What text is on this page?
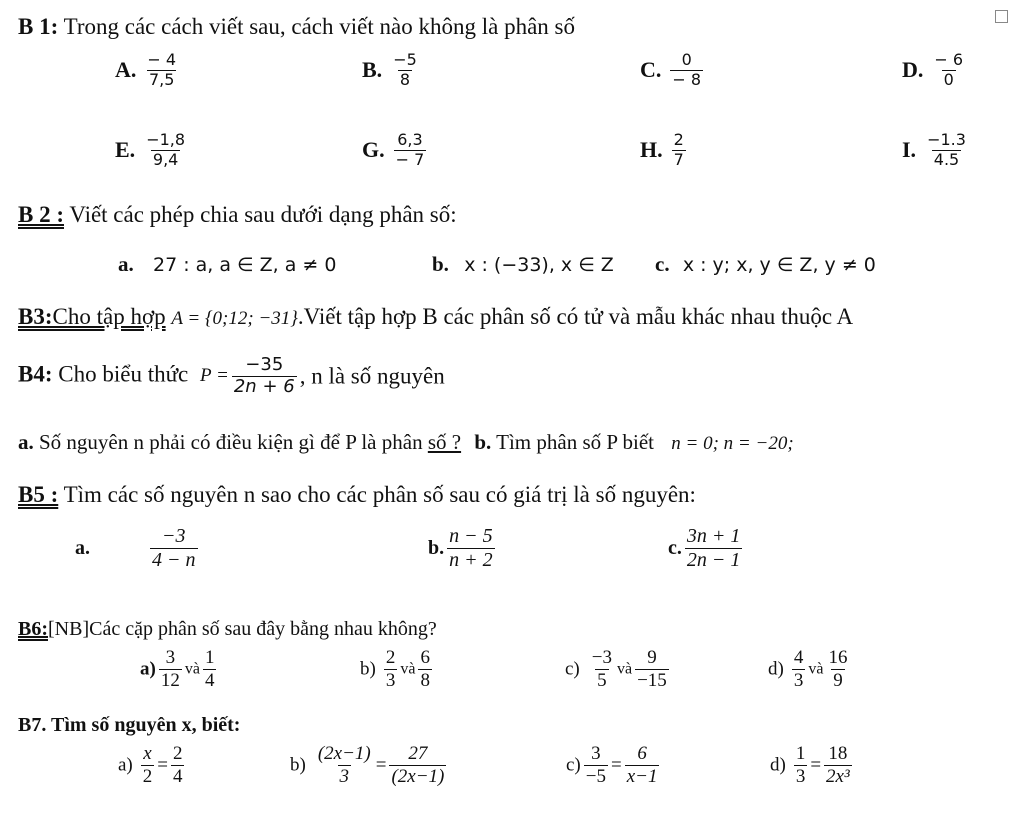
B 1: Trong các cách viết sau, cách viết nào không là phân số
A. $\frac{- 4}{7,5}$	B. $\frac{-5}{8}$	C. $\frac{0}{- 8}$	D. $\frac{- 6}{0}$
E. $\frac{-1,8}{9,4}$	G. $\frac{6,3}{- 7}$	H. $\frac{2}{7}$	I. $\frac{-1.3}{4.5}$
B 2 : Viết các phép chia sau dưới dạng phân số:
a. 27 : a, a ∈ Z, a ≠ 0	b. x : (−33), x ∈ Z c. x : y; x, y ∈ Z, y ≠ 0
B3:Cho tập hợp A = {0;12; −31}.Viết tập hợp B các phân số có tử và mẫu khác nhau thuộc A
B4: Cho biểu thức $P = \frac{-35}{2n + 6}$ , n là số nguyên
a. Số nguyên n phải có điều kiện gì để P là phân số ? b. Tìm phân số P biết n = 0; n = −20;
B5 : Tìm các số nguyên n sao cho các phân số sau có giá trị là số nguyên:
a.	$\frac{-3}{4 - n}$	b. $\frac{n - 5}{n + 2}$	c. $\frac{3n + 1}{2n - 1}$
B6:[NB]Các cặp phân số sau đây bằng nhau không?
$a) \frac{3}{12}$ và $\frac{1}{4}$	$b) \frac{2}{3}$ và $\frac{6}{8}$	$c) \frac{-3}{5}$ và $\frac{9}{-15}$	$d) \frac{4}{3}$ và $\frac{16}{9}$
B7. Tìm số nguyên x, biết:
$a) \frac{x}{2} = \frac{2}{4}$	$b) \frac{(2x-1)}{3} = \frac{27}{(2x-1)}$	$c) \frac{3}{-5} = \frac{6}{x-1}$	$d) \frac{1}{3} = \frac{18}{\text{2x³}}$
